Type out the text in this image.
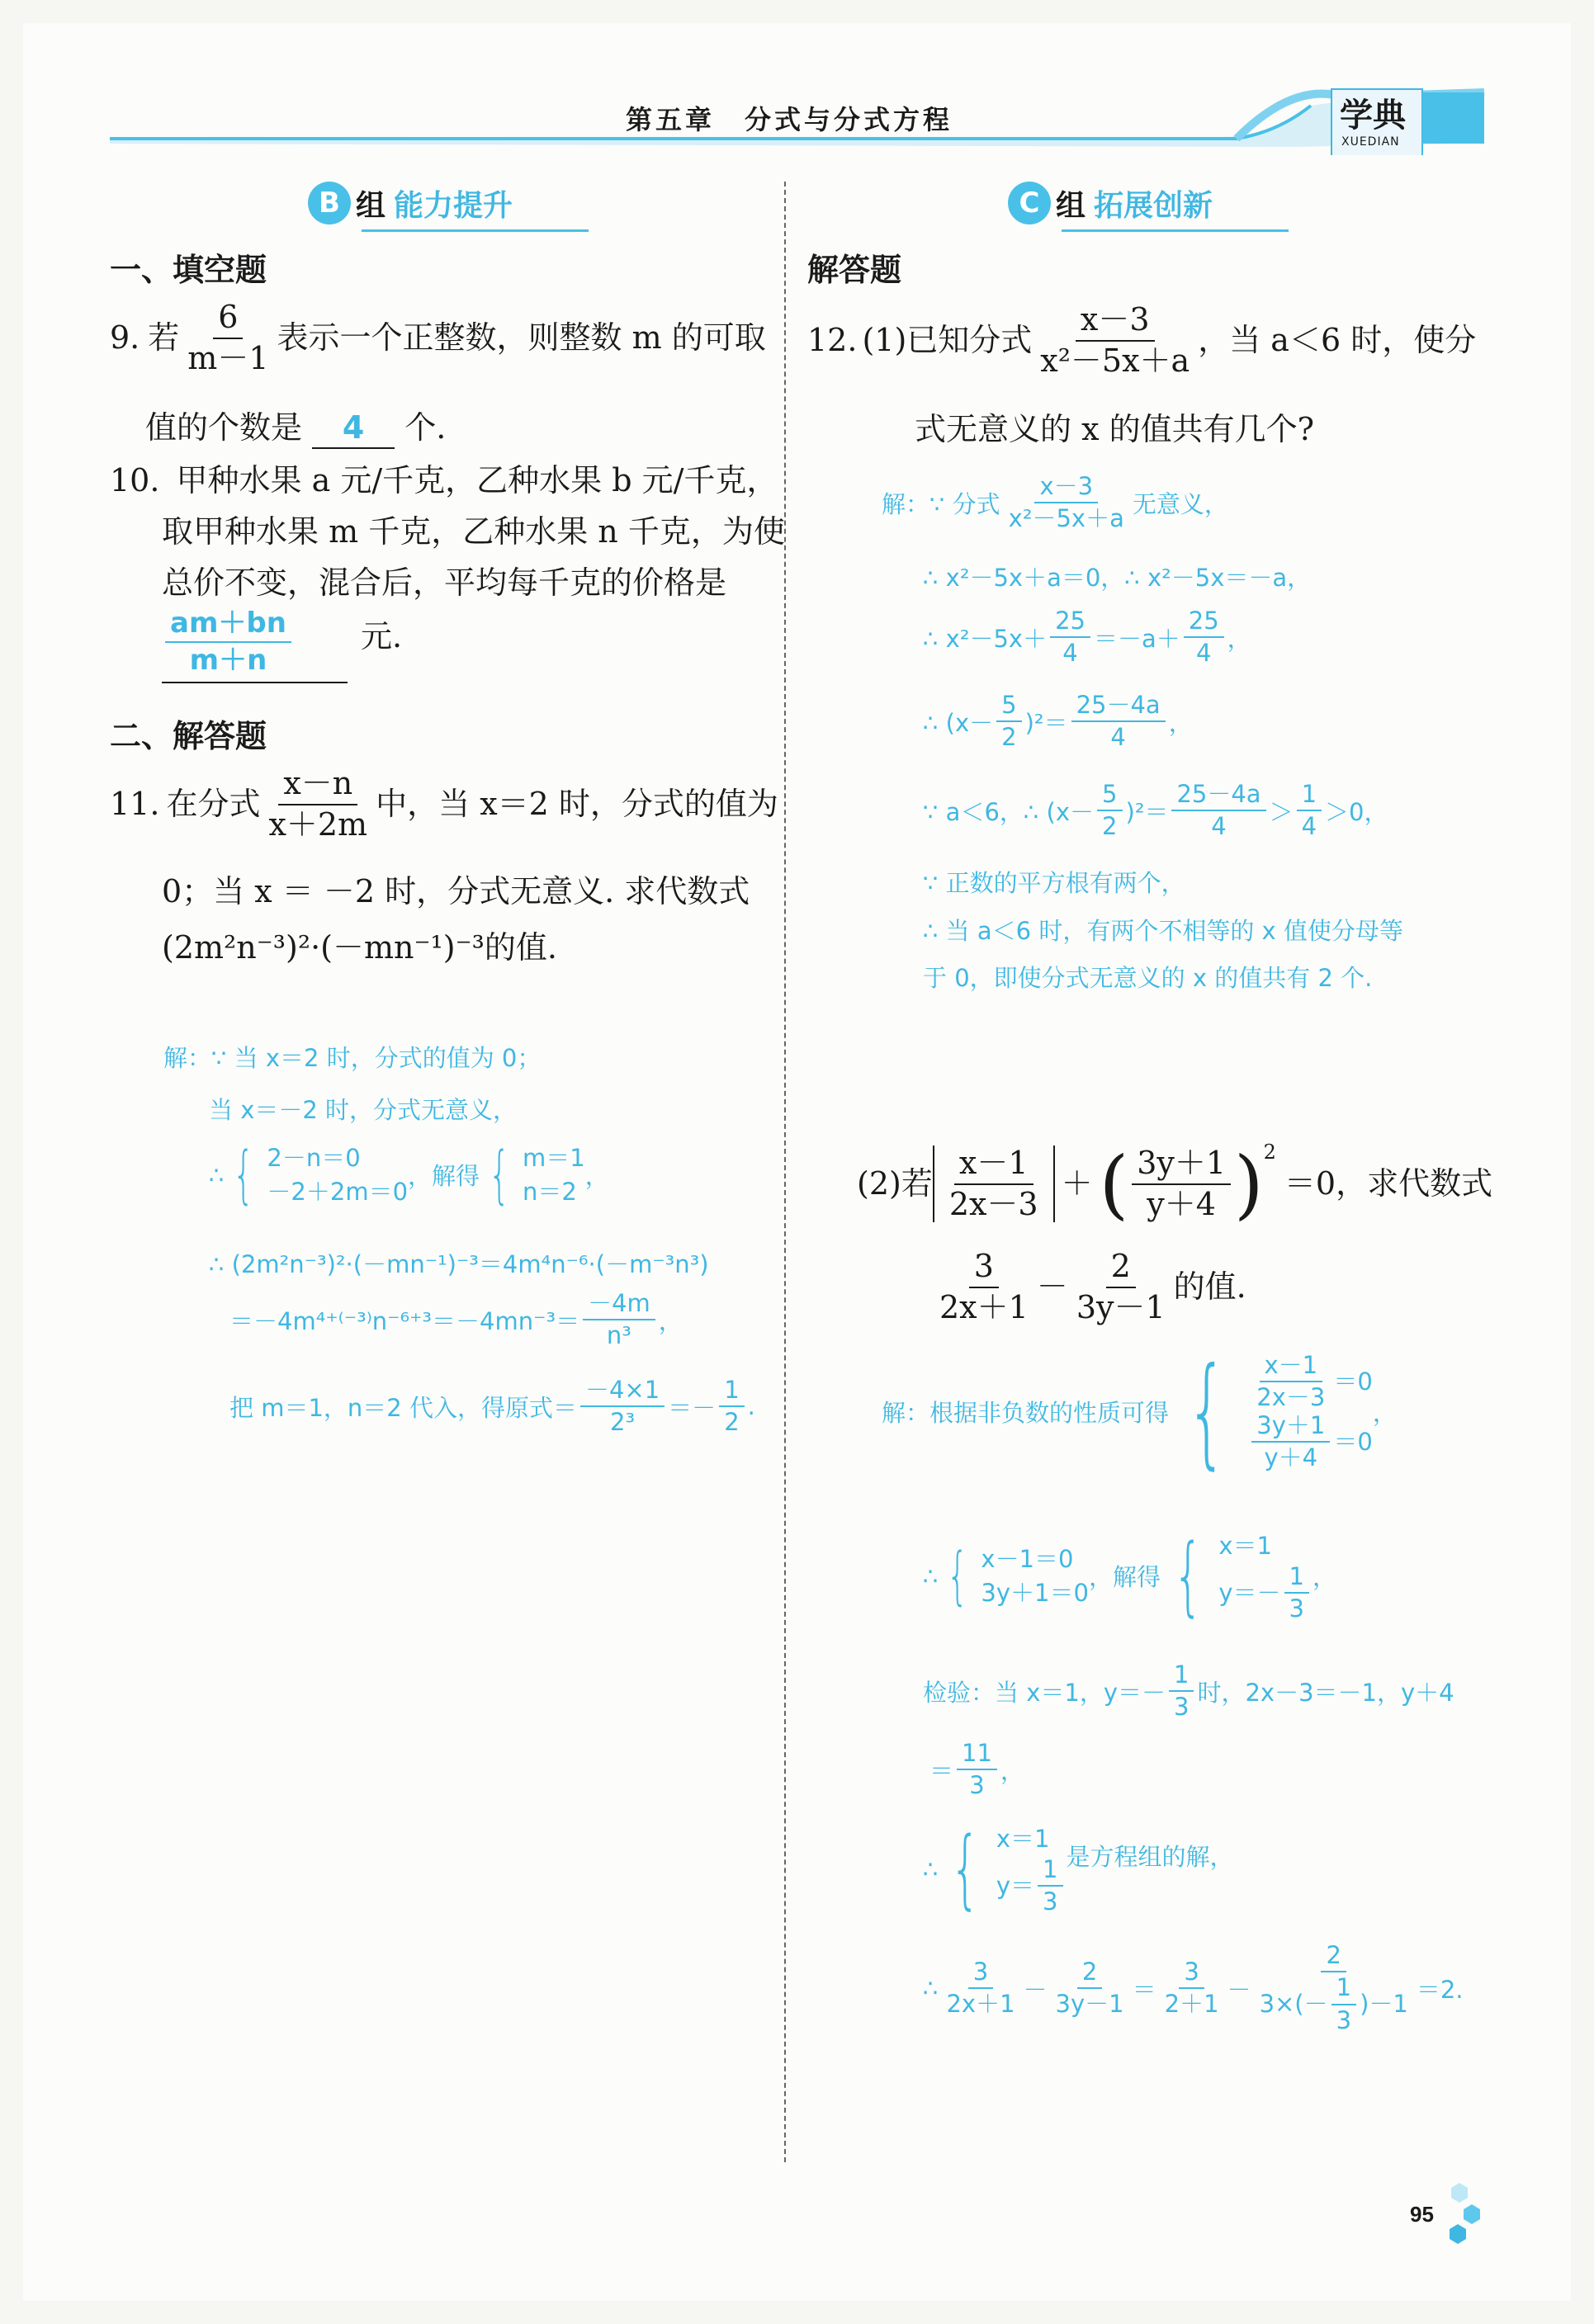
第五章　分式与分式方程	学典
XUEDIAN
B 组 能力提升
一、填空题
9. 若 $\frac{6}{m-1}$ 表示一个正整数，则整数 m 的可取
值的个数是 4 个.
10. 甲种水果 a 元/千克，乙种水果 b 元/千克，
取甲种水果 m 千克，乙种水果 n 千克，为使
总价不变，混合后，平均每千克的价格是
$\frac{am+bn}{m+n}$ 元.
二、解答题
11. 在分式 $\frac{x-n}{x+2m}$ 中，当 x＝2 时，分式的值为
0；当 x ＝ －2 时，分式无意义. 求代数式
(2m²n⁻³)²·(－mn⁻¹)⁻³的值.
解：∵ 当 x＝2 时，分式的值为 0；
当 x＝－2 时，分式无意义，
∴ { 2－n＝0
－2＋2m＝0
，解得 { m＝1
n＝2
，
∴ (2m²n⁻³)²·(－mn⁻¹)⁻³＝4m⁴n⁻⁶·(－m⁻³n³)
$=-4m^{4+(-3)}n^{-6+3}=-4mn^{-3}= \frac{-4m}{\text{n³}}$ ，
把 m＝1，n＝2 代入，得原式＝ $\frac{-4\times 1}{\text{2³}} =- \frac{1}{2}$ .
C 组 拓展创新
解答题
12. (1)已知分式 $\frac{x-3}{\text{x²－5x＋a}}$ ，当 a＜6 时，使分
式无意义的 x 的值共有几个?
解：∵ 分式 $\frac{x-3}{\text{x²－5x＋a}}$ 无意义，
∴ x²－5x＋a＝0，∴ x²－5x＝－a，
∴ $x^2-5x+ \frac{25}{4} =-a+ \frac{25}{4}$ ，
∴ $(x- \frac{5}{2} )^2= \frac{25-4a}{4}$ ，
∵ a＜6，∴ $(x- \frac{5}{2} )^2= \frac{25-4a}{4} > \frac{1}{4} >0$，
∵ 正数的平方根有两个，
∴ 当 a＜6 时，有两个不相等的 x 值使分母等
于 0，即使分式无意义的 x 的值共有 2 个.
(2)若 $\frac{x-1}{2x-3}$ ＋ ( $\frac{3y+1}{y+4}$ ) 2
＝0，求代数式
$\frac{3}{2x+1} - \frac{2}{3y-1}$ 的值.
解：根据非负数的性质可得 { $\frac{x-1}{2x-3} =0$
$\frac{3y+1}{y+4} =0$
，
∴ { x－1＝0
3y＋1＝0
，解得 { x＝1
$y=- \frac{1}{3}$ ，
检验：当 x＝1，$y=- \frac{1}{3}$ 时，2x－3＝－1，y＋4
＝ $\frac{11}{3}$ ，
∴ { x＝1
$y= \frac{1}{3}$ 是方程组的解，
∴ $\frac{3}{2x+1} - \frac{2}{3y-1} = \frac{3}{2+1} - \frac{2}{3\times(- \frac{1}{3} )-1} =2$.
95
